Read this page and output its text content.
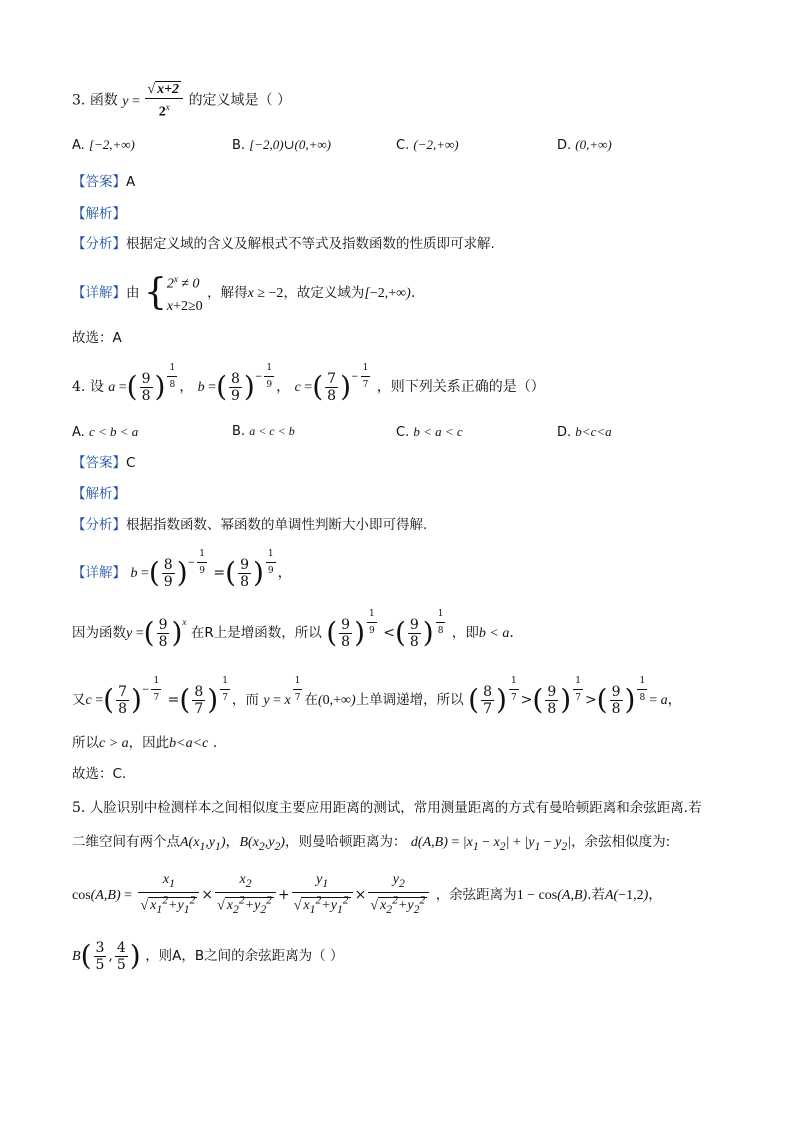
3. 函数 $y = \frac{√ x+2}{2^x}$ 的定义域是（ ）
A. [−2,+∞)	B. [−2,0)∪(0,+∞)	C. (−2,+∞)	D. (0,+∞)
【答案】A
【解析】
【分析】根据定义域的含义及解根式不等式及指数函数的性质即可求解.
【详解】由 { $2^x \ne 0$
x+2≥0
，解得x ≥ −2，故定义域为[−2,+∞).
故选：A
4. 设 a =( $\frac{9}{8}$ ) $^{\frac{1}{8}}$ ， b =( $\frac{8}{9} )^{- \frac{1}{9}}$ ， c =( $\frac{7}{8} )^{- \frac{1}{7}}$ ，则下列关系正确的是（）
A. c < b < a	B. a < c < b	C. b < a < c	D. b<c<a
【答案】C
【解析】
【分析】根据指数函数、幂函数的单调性判断大小即可得解.
【详解】 b =( $\frac{8}{9} )^{- \frac{1}{9}}$ =( $\frac{9}{8}$ ) $^{\frac{1}{9}}$ ，
因为函数y =( $\frac{9}{8} )^x$ 在R上是增函数，所以 ( $\frac{9}{8}$ ) $^{\frac{1}{9}}$ <( $\frac{9}{8}$ ) $^{\frac{1}{8}}$ ，即b < a.
又c =( $\frac{7}{8} )^{- \frac{1}{7}}$ =( $\frac{8}{7}$ ) $^{\frac{1}{7}}$ ，而 y = x $^{\frac{1}{7}}$ 在(0,+∞)上单调递增，所以 ( $\frac{8}{7}$ ) $^{\frac{1}{7}}$ >( $\frac{9}{8}$ ) $^{\frac{1}{7}}$ >( $\frac{9}{8}$ ) $^{\frac{1}{8}}$ = a，
所以c > a，因此b<a<c .
故选：C.
5. 人脸识别中检测样本之间相似度主要应用距离的测试，常用测量距离的方式有曼哈顿距离和余弦距离.若
二维空间有两个点$A(x_1,y_1)$，$B(x_2,y_2)$，则曼哈顿距离为： $d(A,B) = |x_1 - x_2| + |y_1 - y_2|$，余弦相似度为:
$\cos(A,B) = \frac{x_1}{√ x_1^2+y_1^2} \times \frac{x_2}{√ x_2^2+y_2^2} + \frac{y_1}{√ x_1^2+y_1^2} \times \frac{y_2}{√ x_2^2+y_2^2}$ ，余弦距离为1 − cos(A,B).若A(−1,2)，
$B( \frac{3}{5}$ , $\frac{4}{5}$ ) ，则A，B之间的余弦距离为（ ）
